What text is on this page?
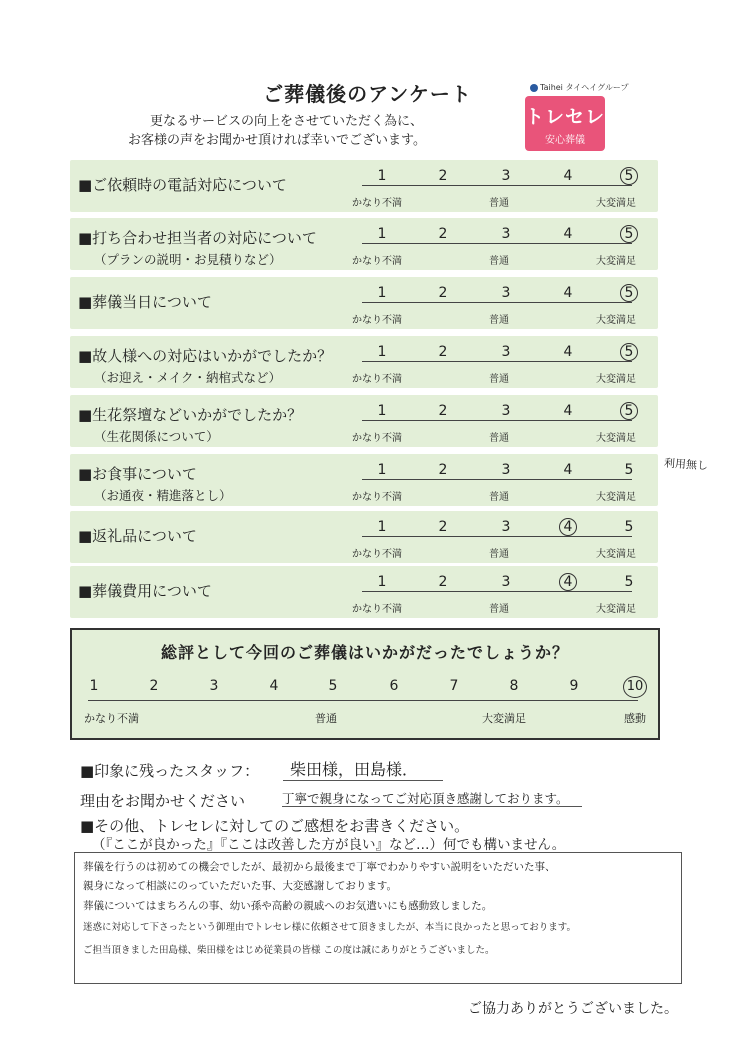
ご葬儀後のアンケート
更なるサービスの向上をさせていただく為に、
お客様の声をお聞かせ頂ければ幸いでございます。
Taihei タイヘイグループ
トレセレ
安心葬儀
■ご依頼時の電話対応について	1	2	3	4	5
かなり不満	普通	大変満足
■打ち合わせ担当者の対応について
（プランの説明・お見積りなど）
1	2	3	4	5
かなり不満	普通	大変満足
■葬儀当日について	1	2	3	4	5
かなり不満	普通	大変満足
■故人様への対応はいかがでしたか？
（お迎え・メイク・納棺式など）
1	2	3	4	5
かなり不満	普通	大変満足
■生花祭壇などいかがでしたか？
（生花関係について）
1	2	3	4	5
かなり不満	普通	大変満足
■お食事について
（お通夜・精進落とし）
1	2	3	4	5
かなり不満	普通	大変満足
■返礼品について	1	2	3	4	5
かなり不満	普通	大変満足
■葬儀費用について	1	2	3	4	5
かなり不満	普通	大変満足
利用無し
総評として今回のご葬儀はいかがだったでしょうか？
1	2	3	4	5	6	7	8	9	10
かなり不満	普通	大変満足	感動
■印象に残ったスタッフ： 柴田様，田島様．
理由をお聞かせください	丁寧で親身になってご対応頂き感謝しております。
■その他、トレセレに対してのご感想をお書きください。
（『ここが良かった』『ここは改善した方が良い』など…）何でも構いません。
葬儀を行うのは初めての機会でしたが、最初から最後まで丁寧でわかりやすい説明をいただいた事、
親身になって相談にのっていただいた事、大変感謝しております。
葬儀についてはまちろんの事、幼い孫や高齢の親戚へのお気遣いにも感動致しました。
迷惑に対応して下さったという御理由でトレセレ様に依頼させて頂きましたが、本当に良かったと思っております。
ご担当頂きました田島様、柴田様をはじめ従業員の皆様 この度は誠にありがとうございました。
ご協力ありがとうございました。
